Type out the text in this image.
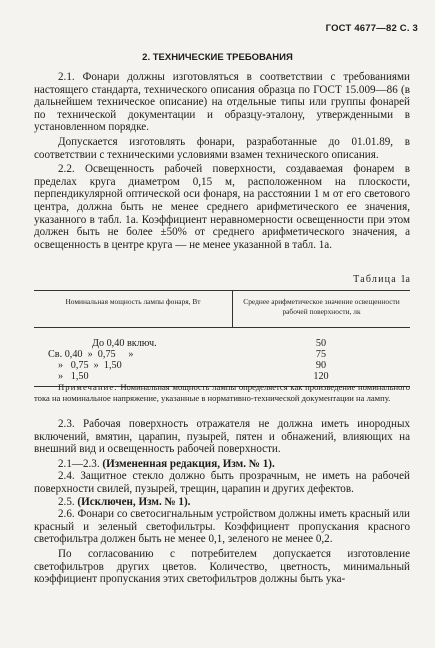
ГОСТ 4677—82 С. 3
2. ТЕХНИЧЕСКИЕ ТРЕБОВАНИЯ

2.1. Фонари должны изготовляться в соответствии с требованиями настоящего стандарта, технического описания образца по ГОСТ 15.009—86 (в дальнейшем техническое описание) на отдельные типы или группы фонарей по технической документации и образцу-эталону, утвержденными в установленном порядке.

Допускается изготовлять фонари, разработанные до 01.01.89, в соответствии с техническими условиями взамен технического описания.

2.2. Освещенность рабочей поверхности, создаваемая фонарем в пределах круга диаметром 0,15 м, расположенном на плоскости, перпендикулярной оптической оси фонаря, на расстоянии 1 м от его светового центра, должна быть не менее среднего арифметического ее значения, указанного в табл. 1а. Коэффициент неравномерности освещенности при этом должен быть не более ±50% от среднего арифметического значения, а освещенность в центре круга — не менее указанной в табл. 1а.

Таблица 1а
Номинальная мощность лампы фонаря, Вт	Среднее арифметическое значение освещенности рабочей поверхности, лк
До 0,40 включ.
Св. 0,40  »  0,75     »
»   0,75  »  1,50
»   1,50
50
75
90
120
Примечание. Номинальная мощность лампы определяется как произведение номинального тока на номинальное напряжение, указанные в нормативно-технической документации на лампу.

2.3. Рабочая поверхность отражателя не должна иметь инородных включений, вмятин, царапин, пузырей, пятен и обнажений, влияющих на внешний вид и освещенность рабочей поверхности.

2.1—2.3. (Измененная редакция, Изм. № 1).

2.4. Защитное стекло должно быть прозрачным, не иметь на рабочей поверхности свилей, пузырей, трещин, царапин и других дефектов.

2.5. (Исключен, Изм. № 1).

2.6. Фонари со светосигнальным устройством должны иметь красный или красный и зеленый светофильтры. Коэффициент пропускания красного светофильтра должен быть не менее 0,1, зеленого не менее 0,2.

По согласованию с потребителем допускается изготовление светофильтров других цветов. Количество, цветность, минимальный коэффициент пропускания этих светофильтров должны быть ука-
